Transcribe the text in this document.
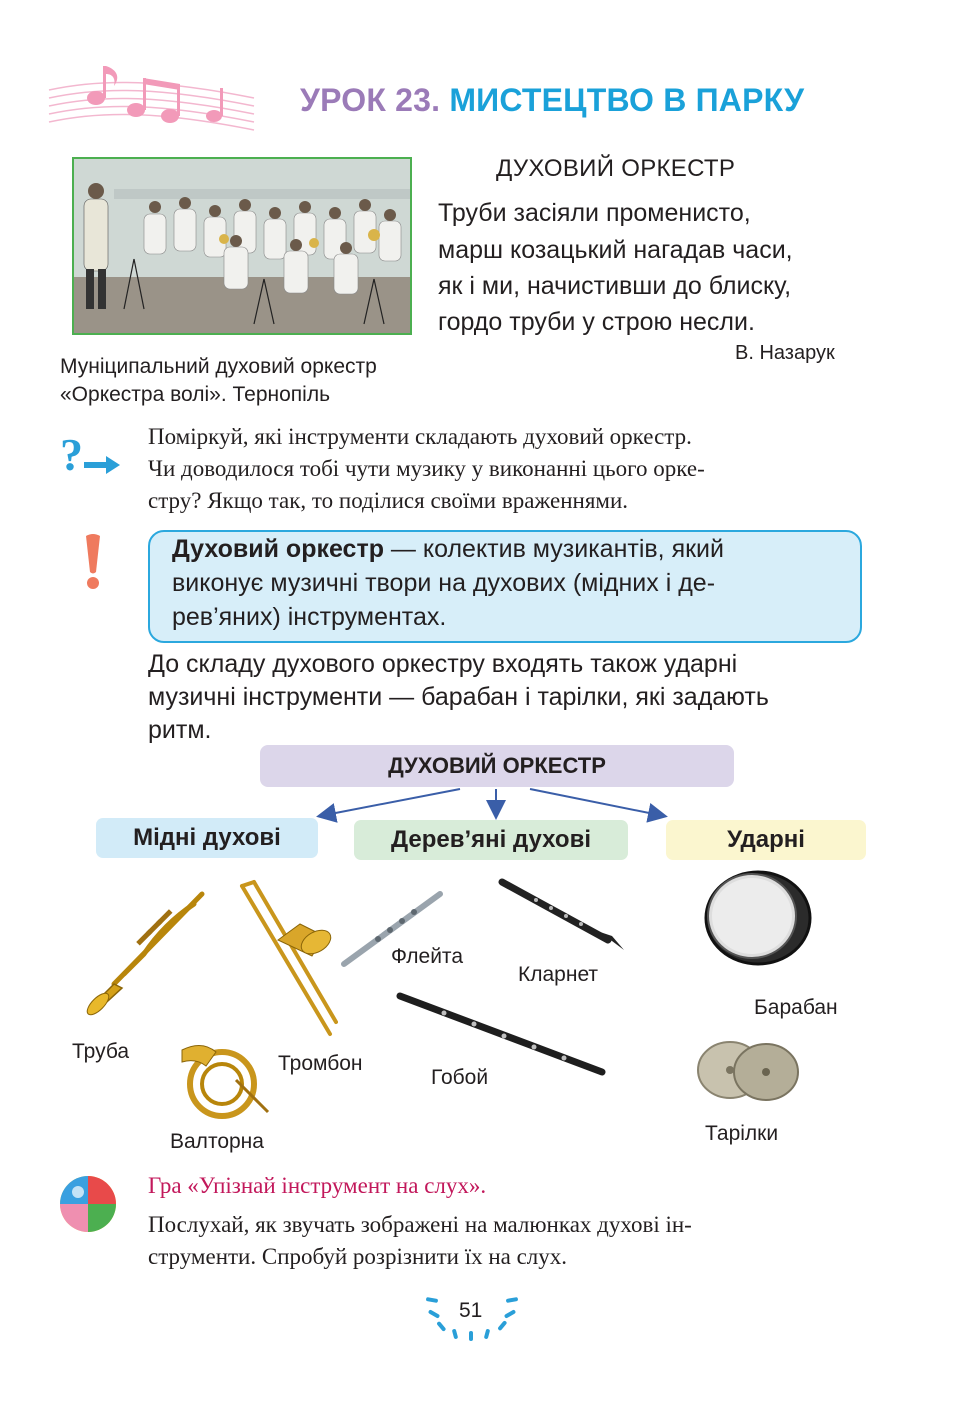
УРОК 23. МИСТЕЦТВО В ПАРКУ
Муніципальний духовий оркестр
«Оркестра волі». Тернопіль
ДУХОВИЙ ОРКЕСТР
Труби засіяли променисто,
марш козацький нагадав часи,
як і ми, начистивши до блиску,
гордо труби у строю несли.
В. Назарук
?	Поміркуй, які інструменти складають духовий оркестр.
Чи доводилося тобі чути музику у виконанні цього орке-
стру? Якщо так, то поділися своїми враженнями.
Духовий оркестр — колектив музикантів, який
виконує музичні твори на духових (мідних і де-
рев’яних) інструментах.
До складу духового оркестру входять також ударні
музичні інструменти — барабан і тарілки, які задають
ритм.
ДУХОВИЙ ОРКЕСТР
Мідні духові	Дерев’яні духові	Ударні
Труба
Тромбон
Валторна
Флейта
Кларнет
Гобой
Барабан
Тарілки
Гра «Упізнай інструмент на слух».
Послухай, як звучать зображені на малюнках духові ін-
струменти. Спробуй розрізнити їх на слух.
51
